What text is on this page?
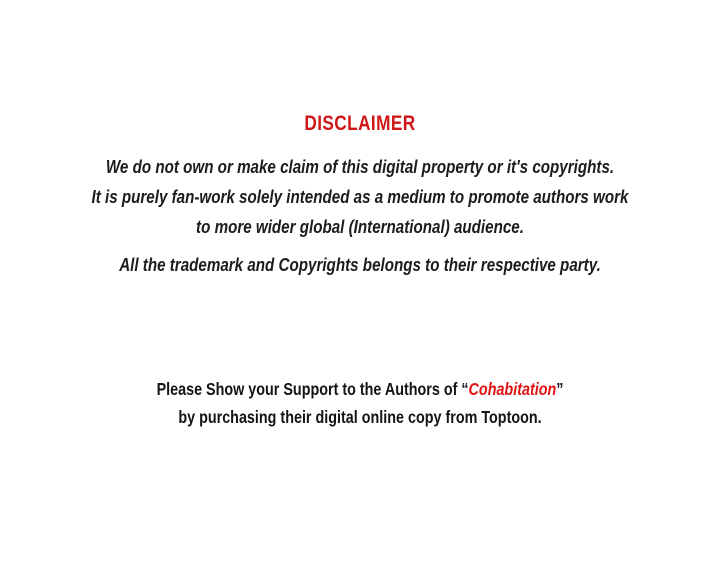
DISCLAIMER
We do not own or make claim of this digital property or it's copyrights.
It is purely fan-work solely intended as a medium to promote authors work
to more wider global (International) audience.
All the trademark and Copyrights belongs to their respective party.
Please Show your Support to the Authors of “Cohabitation”
by purchasing their digital online copy from Toptoon.
